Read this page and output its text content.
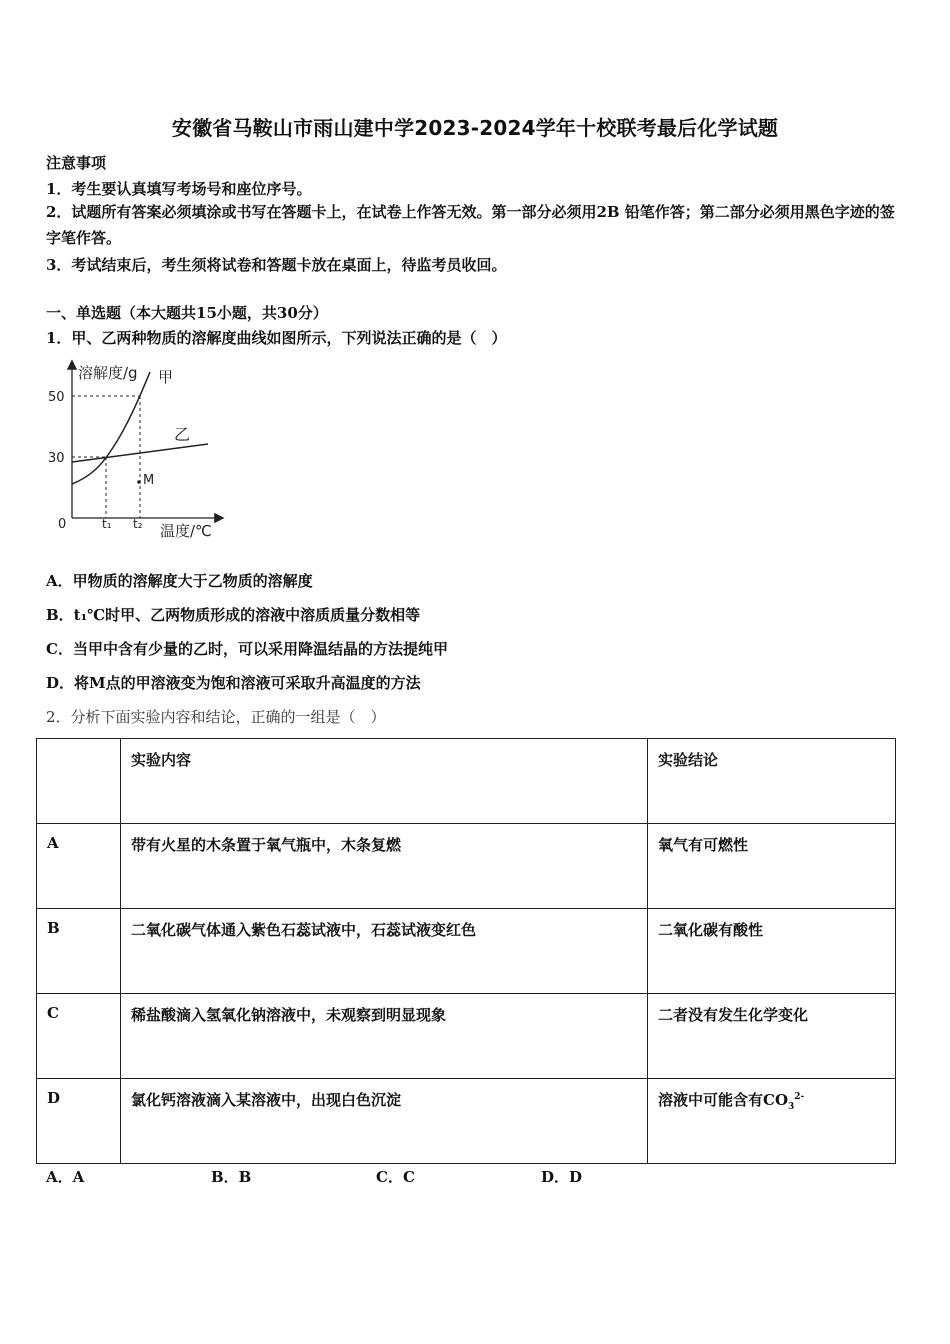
安徽省马鞍山市雨山建中学2023-2024学年十校联考最后化学试题
注意事项
1．考生要认真填写考场号和座位序号。
2．试题所有答案必须填涂或书写在答题卡上，在试卷上作答无效。第一部分必须用2B 铅笔作答；第二部分必须用黑色字迹的签字笔作答。
3．考试结束后，考生须将试卷和答题卡放在桌面上，待监考员收回。
一、单选题（本大题共15小题，共30分）
1．甲、乙两种物质的溶解度曲线如图所示，下列说法正确的是（　）
溶解度/g
温度/℃
50
30
0	t₁ t₂
甲
乙
M
A．甲物质的溶解度大于乙物质的溶解度
B．t₁℃时甲、乙两物质形成的溶液中溶质质量分数相等
C．当甲中含有少量的乙时，可以采用降温结晶的方法提纯甲
D．将M点的甲溶液变为饱和溶液可采取升高温度的方法
2．分析下面实验内容和结论，正确的一组是（　）
	实验内容	实验结论
A	带有火星的木条置于氧气瓶中，木条复燃	氧气有可燃性
B	二氧化碳气体通入紫色石蕊试液中，石蕊试液变红色	二氧化碳有酸性
C	稀盐酸滴入氢氧化钠溶液中，未观察到明显现象	二者没有发生化学变化
D	氯化钙溶液滴入某溶液中，出现白色沉淀	溶液中可能含有$CO_3^{2-}$
A．A	B．B	C．C	D．D
